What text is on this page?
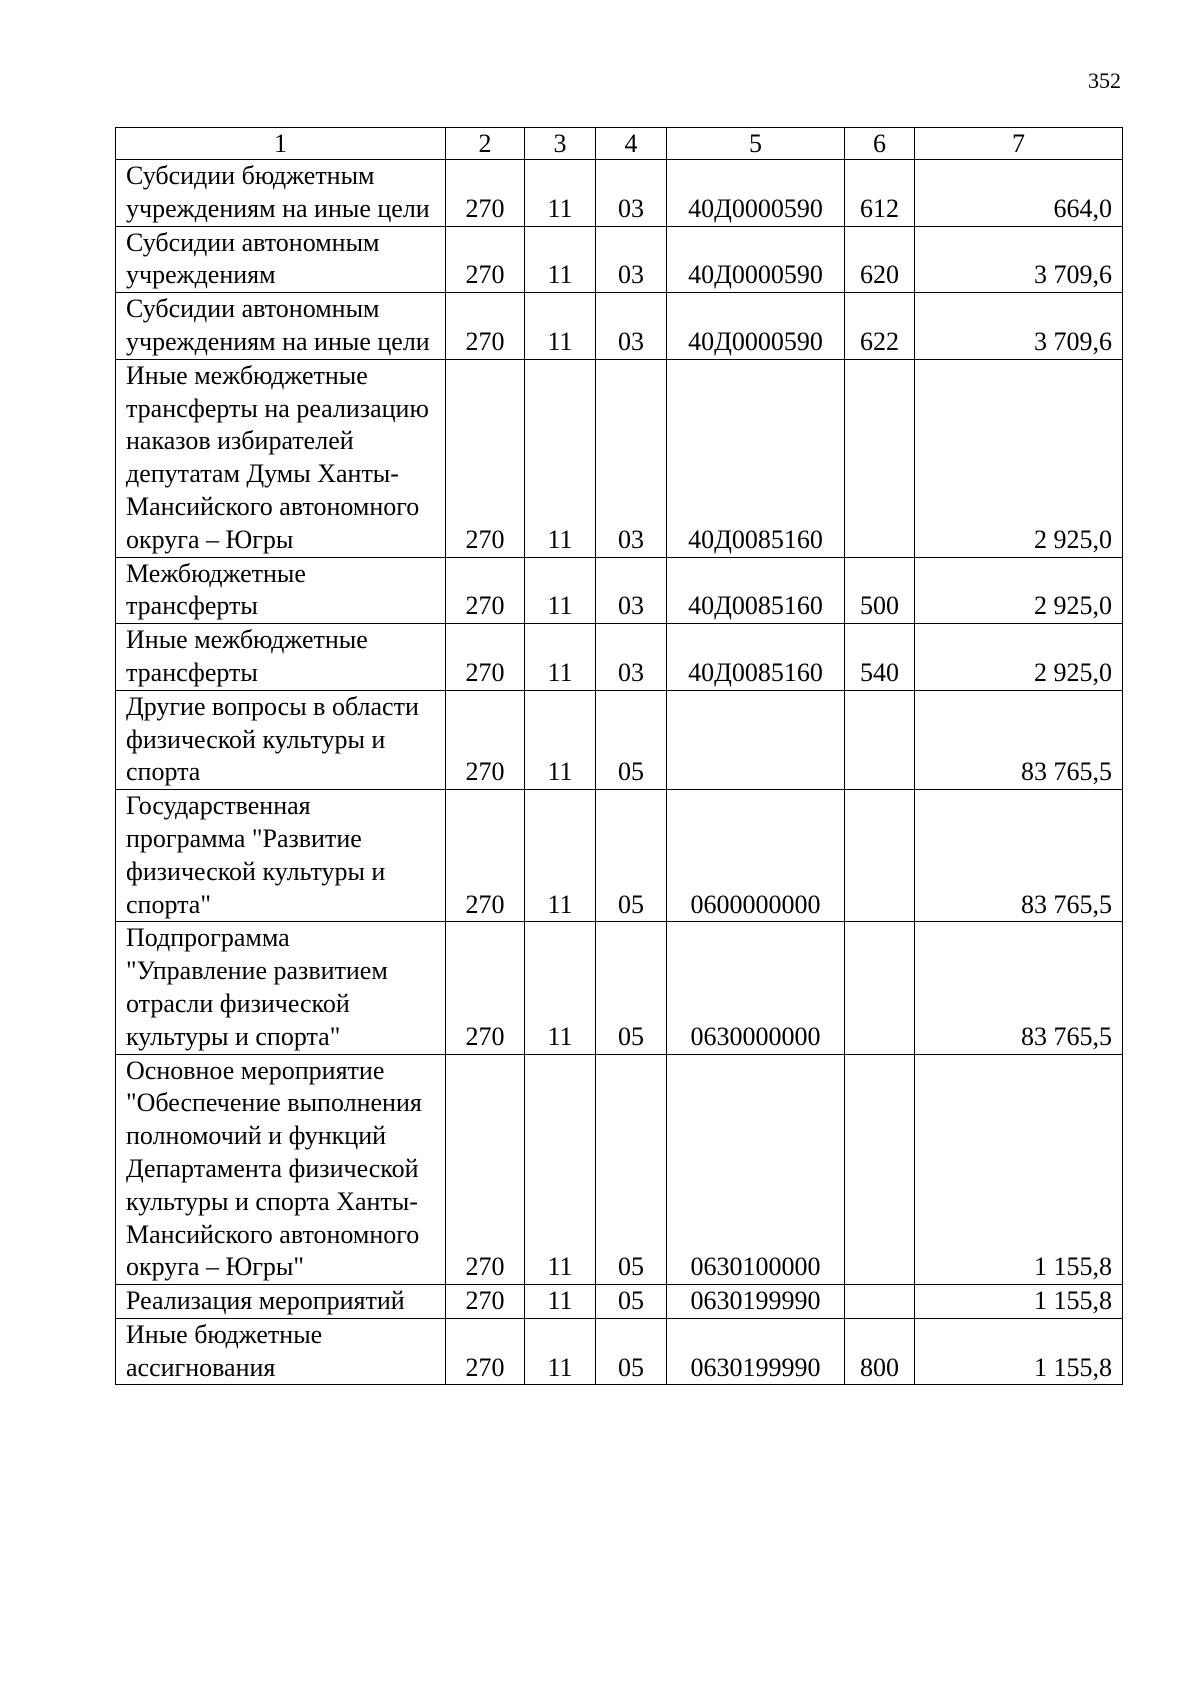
352
1	2	3	4	5	6	7
Субсидии бюджетным учреждениям на иные цели	270	11	03	40Д0000590	612	664,0
Субсидии автономным учреждениям	270	11	03	40Д0000590	620	3 709,6
Субсидии автономным учреждениям на иные цели	270	11	03	40Д0000590	622	3 709,6
Иные межбюджетные трансферты на реализацию наказов избирателей депутатам Думы Ханты-Мансийского автономного округа – Югры	270	11	03	40Д0085160		2 925,0
Межбюджетные трансферты	270	11	03	40Д0085160	500	2 925,0
Иные межбюджетные трансферты	270	11	03	40Д0085160	540	2 925,0
Другие вопросы в области физической культуры и спорта	270	11	05			83 765,5
Государственная программа "Развитие физической культуры и спорта"	270	11	05	0600000000		83 765,5
Подпрограмма "Управление развитием отрасли физической культуры и спорта"	270	11	05	0630000000		83 765,5
Основное мероприятие "Обеспечение выполнения полномочий и функций Департамента физической культуры и спорта Ханты-Мансийского автономного округа – Югры"	270	11	05	0630100000		1 155,8
Реализация мероприятий	270	11	05	0630199990		1 155,8
Иные бюджетные ассигнования	270	11	05	0630199990	800	1 155,8
